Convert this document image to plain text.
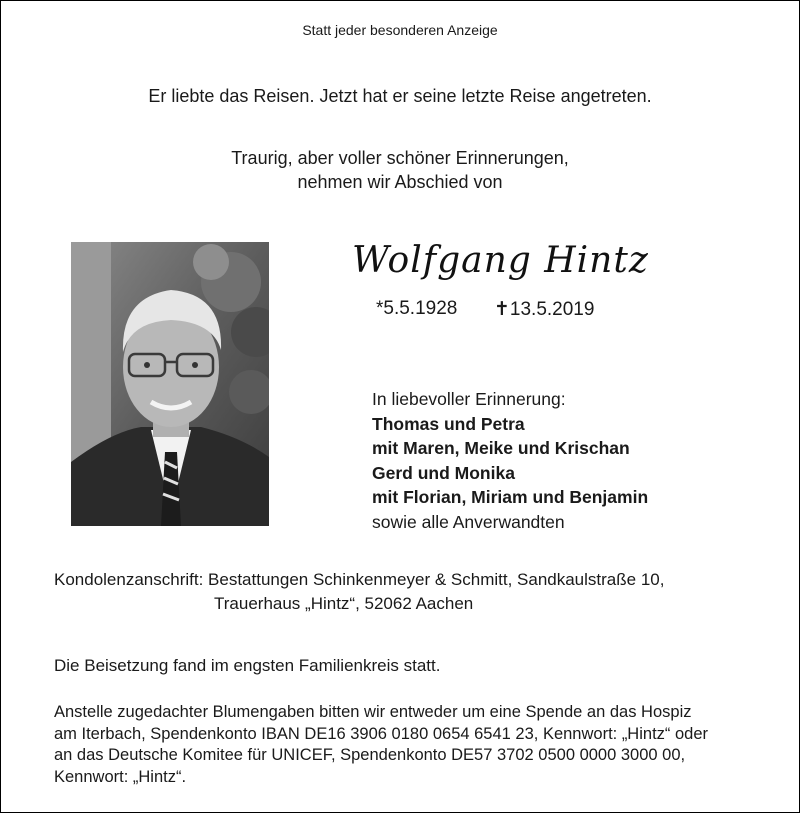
Statt jeder besonderen Anzeige
Er liebte das Reisen. Jetzt hat er seine letzte Reise angetreten.
Traurig, aber voller schöner Erinnerungen,
nehmen wir Abschied von
Wolfgang Hintz
*5.5.1928 ✝13.5.2019
In liebevoller Erinnerung:
Thomas und Petra
mit Maren, Meike und Krischan
Gerd und Monika
mit Florian, Miriam und Benjamin
sowie alle Anverwandten
Kondolenzanschrift: Bestattungen Schinkenmeyer & Schmitt, Sandkaulstraße 10,
Trauerhaus „Hintz“, 52062 Aachen
Die Beisetzung fand im engsten Familienkreis statt.
Anstelle zugedachter Blumengaben bitten wir entweder um eine Spende an das Hospiz
am Iterbach, Spendenkonto IBAN DE16 3906 0180 0654 6541 23, Kennwort: „Hintz“ oder
an das Deutsche Komitee für UNICEF, Spendenkonto DE57 3702 0500 0000 3000 00,
Kennwort: „Hintz“.
